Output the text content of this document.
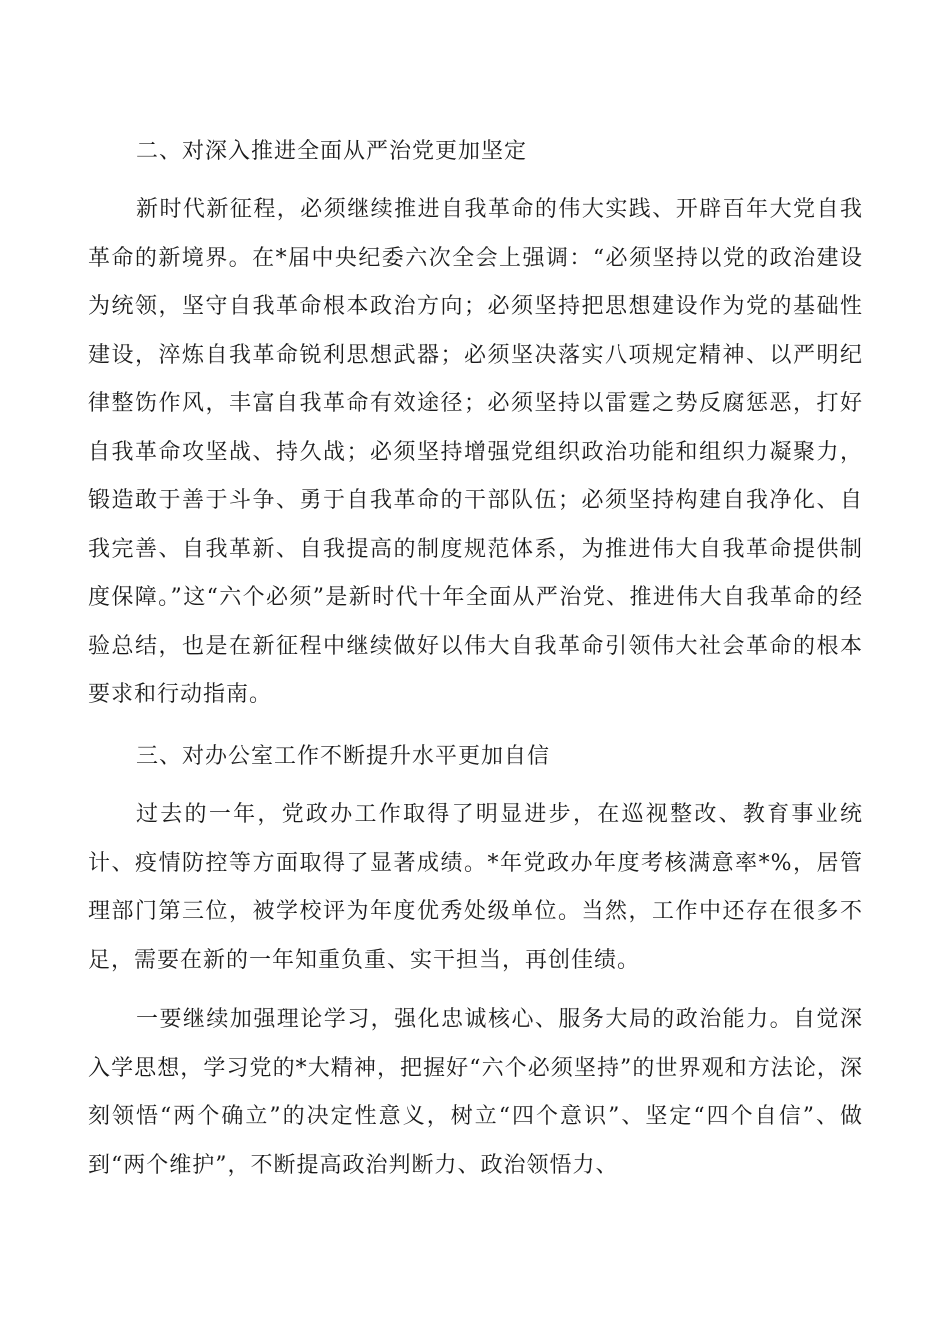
二、对深入推进全面从严治党更加坚定

新时代新征程，必须继续推进自我革命的伟大实践、开辟百年大党自我革命的新境界。在*届中央纪委六次全会上强调：“必须坚持以党的政治建设为统领，坚守自我革命根本政治方向；必须坚持把思想建设作为党的基础性建设，淬炼自我革命锐利思想武器；必须坚决落实八项规定精神、以严明纪律整饬作风，丰富自我革命有效途径；必须坚持以雷霆之势反腐惩恶，打好自我革命攻坚战、持久战；必须坚持增强党组织政治功能和组织力凝聚力，锻造敢于善于斗争、勇于自我革命的干部队伍；必须坚持构建自我净化、自我完善、自我革新、自我提高的制度规范体系，为推进伟大自我革命提供制度保障。”这“六个必须”是新时代十年全面从严治党、推进伟大自我革命的经验总结，也是在新征程中继续做好以伟大自我革命引领伟大社会革命的根本要求和行动指南。

三、对办公室工作不断提升水平更加自信

过去的一年，党政办工作取得了明显进步，在巡视整改、教育事业统计、疫情防控等方面取得了显著成绩。*年党政办年度考核满意率*%，居管理部门第三位，被学校评为年度优秀处级单位。当然，工作中还存在很多不足，需要在新的一年知重负重、实干担当，再创佳绩。

一要继续加强理论学习，强化忠诚核心、服务大局的政治能力。自觉深入学思想，学习党的*大精神，把握好“六个必须坚持”的世界观和方法论，深刻领悟“两个确立”的决定性意义，树立“四个意识”、坚定“四个自信”、做到“两个维护”，不断提高政治判断力、政治领悟力、
